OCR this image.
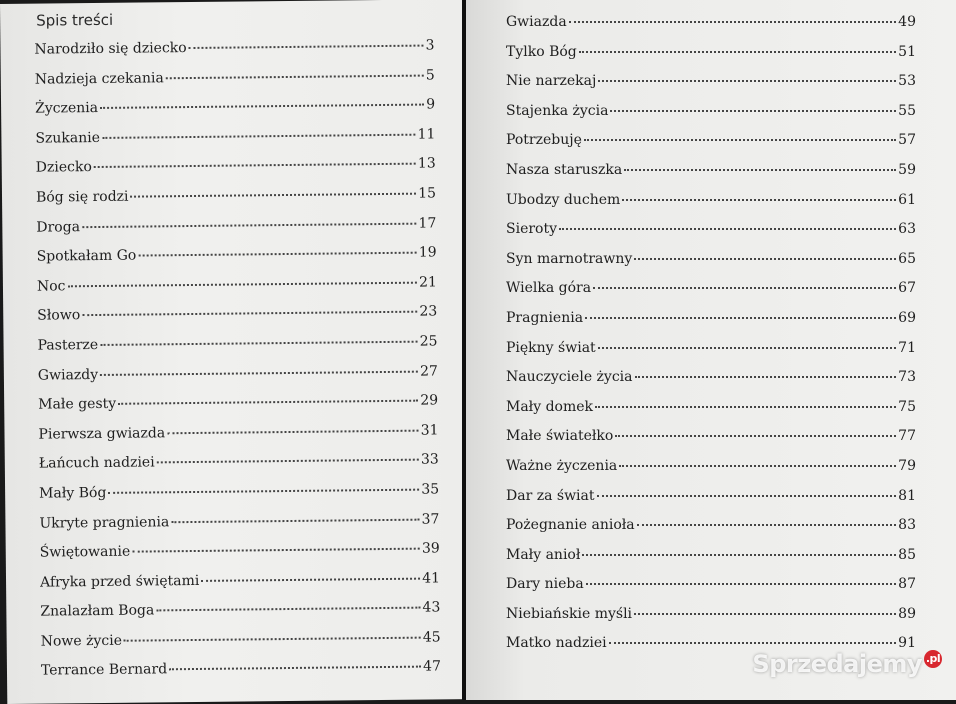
Spis treści
Narodziło się dziecko	3
Nadzieja czekania	5
Życzenia	9
Szukanie	11
Dziecko	13
Bóg się rodzi	15
Droga	17
Spotkałam Go	19
Noc	21
Słowo	23
Pasterze	25
Gwiazdy	27
Małe gesty	29
Pierwsza gwiazda	31
Łańcuch nadziei	33
Mały Bóg	35
Ukryte pragnienia	37
Świętowanie	39
Afryka przed świętami	41
Znalazłam Boga	43
Nowe życie	45
Terrance Bernard	47
Gwiazda	49
Tylko Bóg	51
Nie narzekaj	53
Stajenka życia	55
Potrzebuję	57
Nasza staruszka	59
Ubodzy duchem	61
Sieroty	63
Syn marnotrawny	65
Wielka góra	67
Pragnienia	69
Piękny świat	71
Nauczyciele życia	73
Mały domek	75
Małe światełko	77
Ważne życzenia	79
Dar za świat	81
Pożegnanie anioła	83
Mały anioł	85
Dary nieba	87
Niebiańskie myśli	89
Matko nadziei	91
Sprzedajemy .pl
